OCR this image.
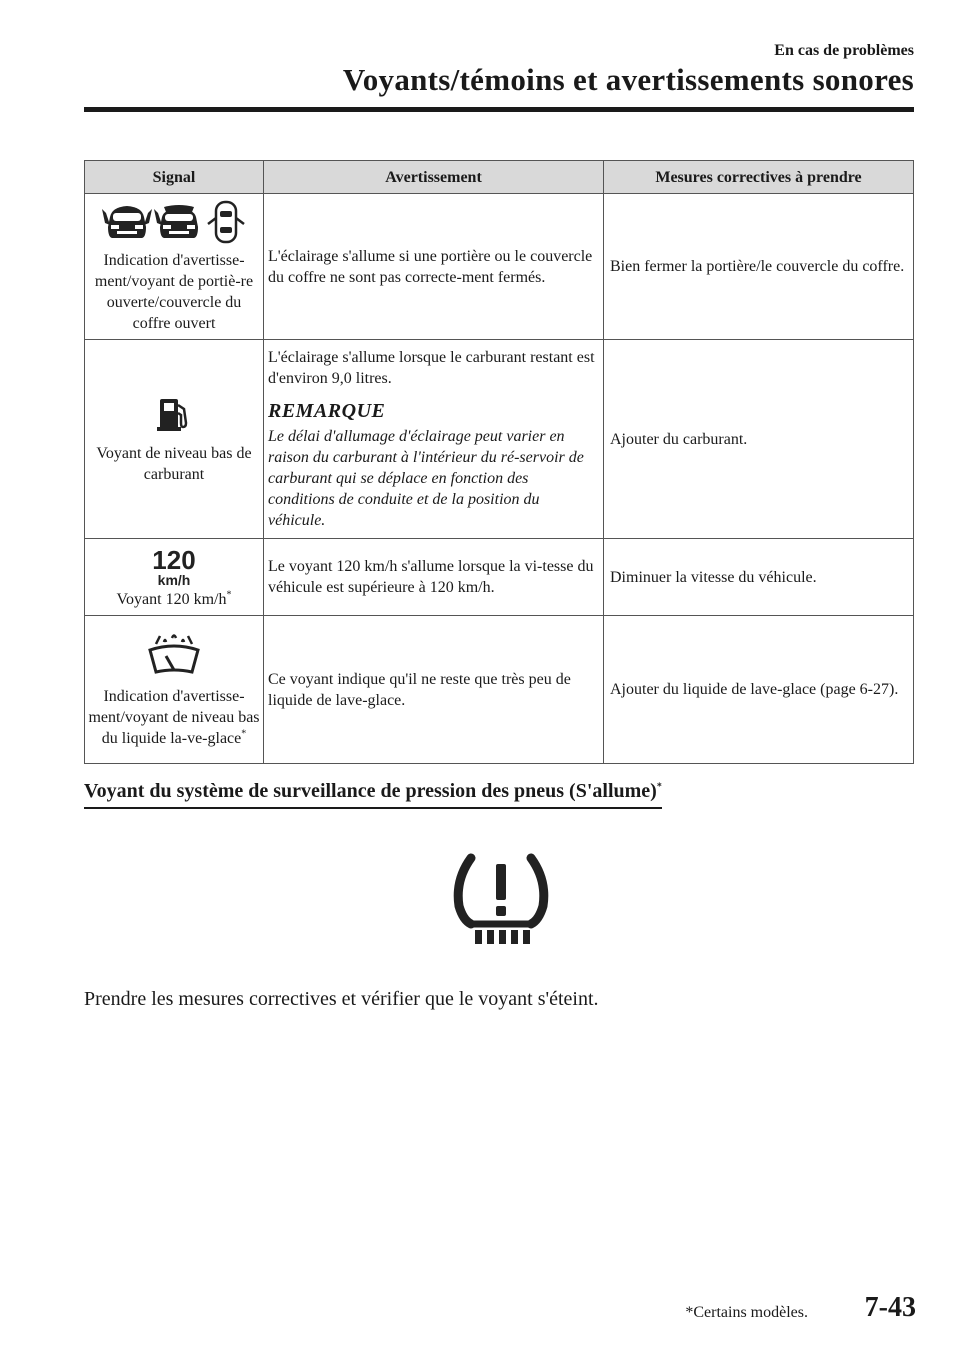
En cas de problèmes
Voyants/témoins et avertissements sonores
Signal	Avertissement	Mesures correctives à prendre

Indication d'avertisse-ment/voyant de portiè-re ouverte/couvercle du coffre ouvert	L'éclairage s'allume si une portière ou le couvercle du coffre ne sont pas correcte-ment fermés.	Bien fermer la portière/le couvercle du coffre.

Voyant de niveau bas de carburant	L'éclairage s'allume lorsque le carburant restant est d'environ 9,0 litres.
REMARQUE
Le délai d'allumage d'éclairage peut varier en raison du carburant à l'intérieur du ré-servoir de carburant qui se déplace en fonction des conditions de conduite et de la position du véhicule.	Ajouter du carburant.

120
km/h
Voyant 120 km/h*	Le voyant 120 km/h s'allume lorsque la vi-tesse du véhicule est supérieure à 120 km/h.	Diminuer la vitesse du véhicule.

Indication d'avertisse-ment/voyant de niveau bas du liquide la-ve-glace*	Ce voyant indique qu'il ne reste que très peu de liquide de lave-glace.	Ajouter du liquide de lave-glace (page 6-27).
Voyant du système de surveillance de pression des pneus (S'allume)*
Prendre les mesures correctives et vérifier que le voyant s'éteint.
*Certains modèles. 7-43
